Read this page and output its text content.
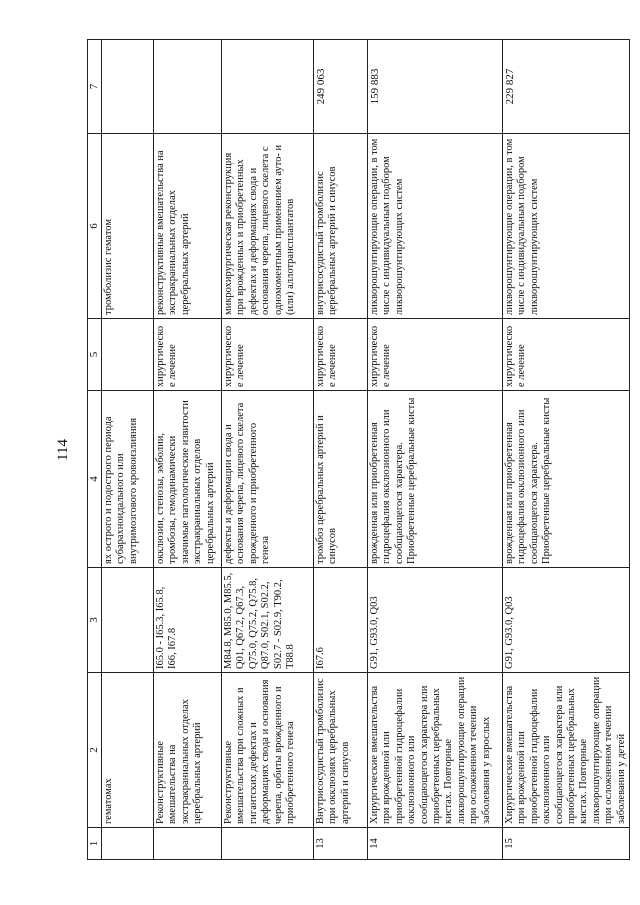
114
1	2	3	4	5	6	7
	гематомах		ях острого и подострого периода субарахноидального или внутримозгового кровоизлияния		тромболизис гематом	
	Реконструктивные вмешательства на экстракраниальных отделах церебральных артерий	I65.0 - I65.3, I65.8, I66, I67.8	окклюзии, стенозы, эмболии, тромбозы, гемодинамически значимые патологические извитости экстракраниальных отделов церебральных артерий	хирургическое лечение	реконструктивные вмешательства на экстракраниальных отделах церебральных артерий	
	Реконструктивные вмешательства при сложных и гигантских дефектах и деформациях свода и основания черепа, орбиты врожденного и приобретенного генеза	M84.8, M85.0, M85.5, Q01, Q67.2, Q67.3, Q75.0, Q75.2, Q75.8, Q87.0, S02.1, S02.2, S02.7 - S02.9, T90.2, T88.8	дефекты и деформации свода и основания черепа, лицевого скелета врожденного и приобретенного генеза	хирургическое лечение	микрохирургическая реконструкция при врожденных и приобретенных дефектах и деформациях свода и основания черепа, лицевого скелета с одномоментным применением ауто- и (или) аллотрансплантатов	
13	Внутрисосудистый тромболизис при окклюзиях церебральных артерий и синусов	I67.6	тромбоз церебральных артерий и синусов	хирургическое лечение	внутрисосудистый тромболизис церебральных артерий и синусов	249 063
14	Хирургические вмешательства при врожденной или приобретенной гидроцефалии окклюзионного или сообщающегося характера или приобретенных церебральных кистах. Повторные ликворошунтирующие операции при осложненном течении заболевания у взрослых	G91, G93.0, Q03	врожденная или приобретенная гидроцефалия окклюзионного или сообщающегося характера. Приобретенные церебральные кисты	хирургическое лечение	ликворошунтирующие операции, в том числе с индивидуальным подбором ликворошунтирующих систем	159 883
15	Хирургические вмешательства при врожденной или приобретенной гидроцефалии окклюзионного или сообщающегося характера или приобретенных церебральных кистах. Повторные ликворошунтирующие операции при осложненном течении заболевания у детей	G91, G93.0, Q03	врожденная или приобретенная гидроцефалия окклюзионного или сообщающегося характера. Приобретенные церебральные кисты	хирургическое лечение	ликворошунтирующие операции, в том числе с индивидуальным подбором ликворошунтирующих систем	229 827
